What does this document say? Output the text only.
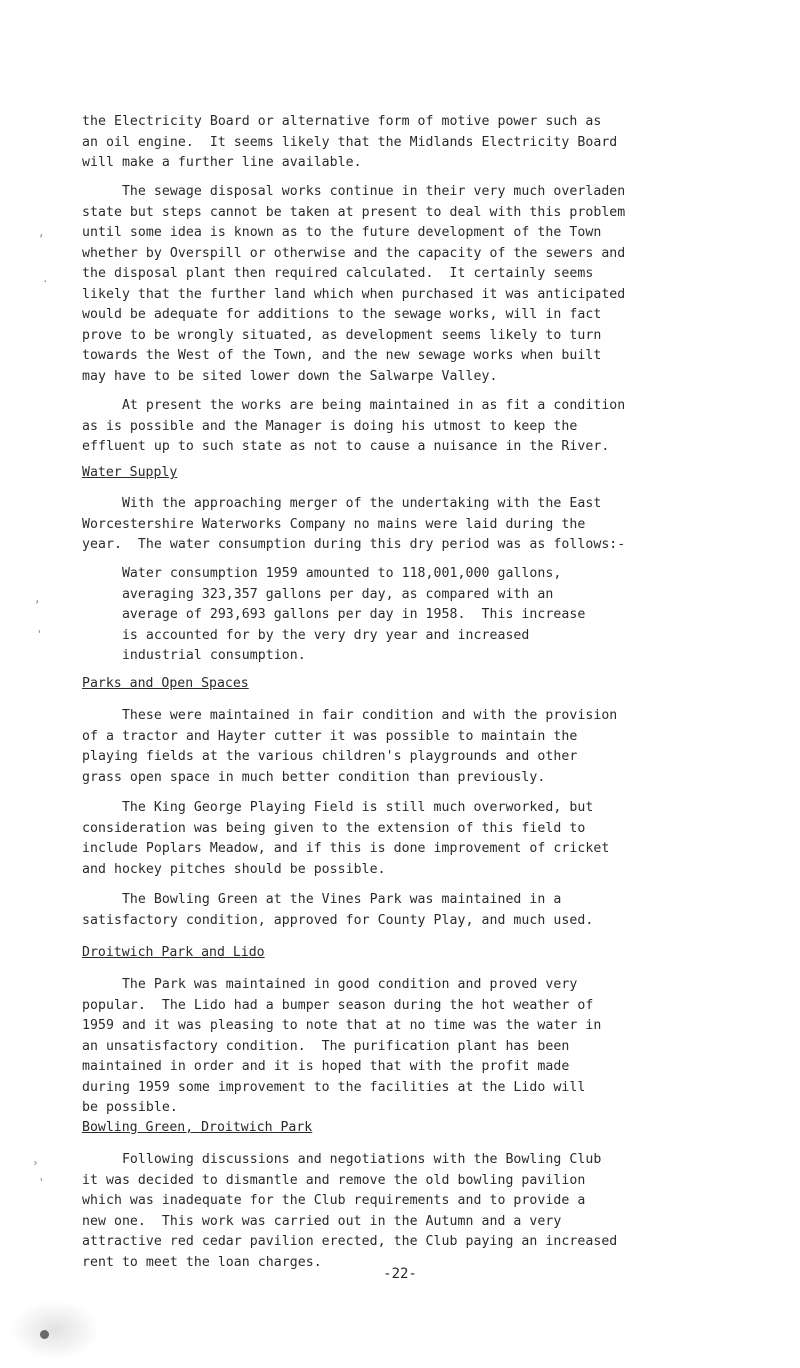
the Electricity Board or alternative form of motive power such as
an oil engine.  It seems likely that the Midlands Electricity Board
will make a further line available.

The sewage disposal works continue in their very much overladen
state but steps cannot be taken at present to deal with this problem
until some idea is known as to the future development of the Town
whether by Overspill or otherwise and the capacity of the sewers and
the disposal plant then required calculated.  It certainly seems
likely that the further land which when purchased it was anticipated
would be adequate for additions to the sewage works, will in fact
prove to be wrongly situated, as development seems likely to turn
towards the West of the Town, and the new sewage works when built
may have to be sited lower down the Salwarpe Valley.

At present the works are being maintained in as fit a condition
as is possible and the Manager is doing his utmost to keep the
effluent up to such state as not to cause a nuisance in the River.

Water Supply

With the approaching merger of the undertaking with the East
Worcestershire Waterworks Company no mains were laid during the
year.  The water consumption during this dry period was as follows:-

Water consumption 1959 amounted to 118,001,000 gallons,
averaging 323,357 gallons per day, as compared with an
average of 293,693 gallons per day in 1958.  This increase
is accounted for by the very dry year and increased
industrial consumption.

Parks and Open Spaces

These were maintained in fair condition and with the provision
of a tractor and Hayter cutter it was possible to maintain the
playing fields at the various children's playgrounds and other
grass open space in much better condition than previously.

The King George Playing Field is still much overworked, but
consideration was being given to the extension of this field to
include Poplars Meadow, and if this is done improvement of cricket
and hockey pitches should be possible.

The Bowling Green at the Vines Park was maintained in a
satisfactory condition, approved for County Play, and much used.

Droitwich Park and Lido

The Park was maintained in good condition and proved very
popular.  The Lido had a bumper season during the hot weather of
1959 and it was pleasing to note that at no time was the water in
an unsatisfactory condition.  The purification plant has been
maintained in order and it is hoped that with the profit made
during 1959 some improvement to the facilities at the Lido will
be possible.

Bowling Green, Droitwich Park

Following discussions and negotiations with the Bowling Club
it was decided to dismantle and remove the old bowling pavilion
which was inadequate for the Club requirements and to provide a
new one.  This work was carried out in the Autumn and a very
attractive red cedar pavilion erected, the Club paying an increased
rent to meet the loan charges.

-22-
,
.
,
'
›
'
